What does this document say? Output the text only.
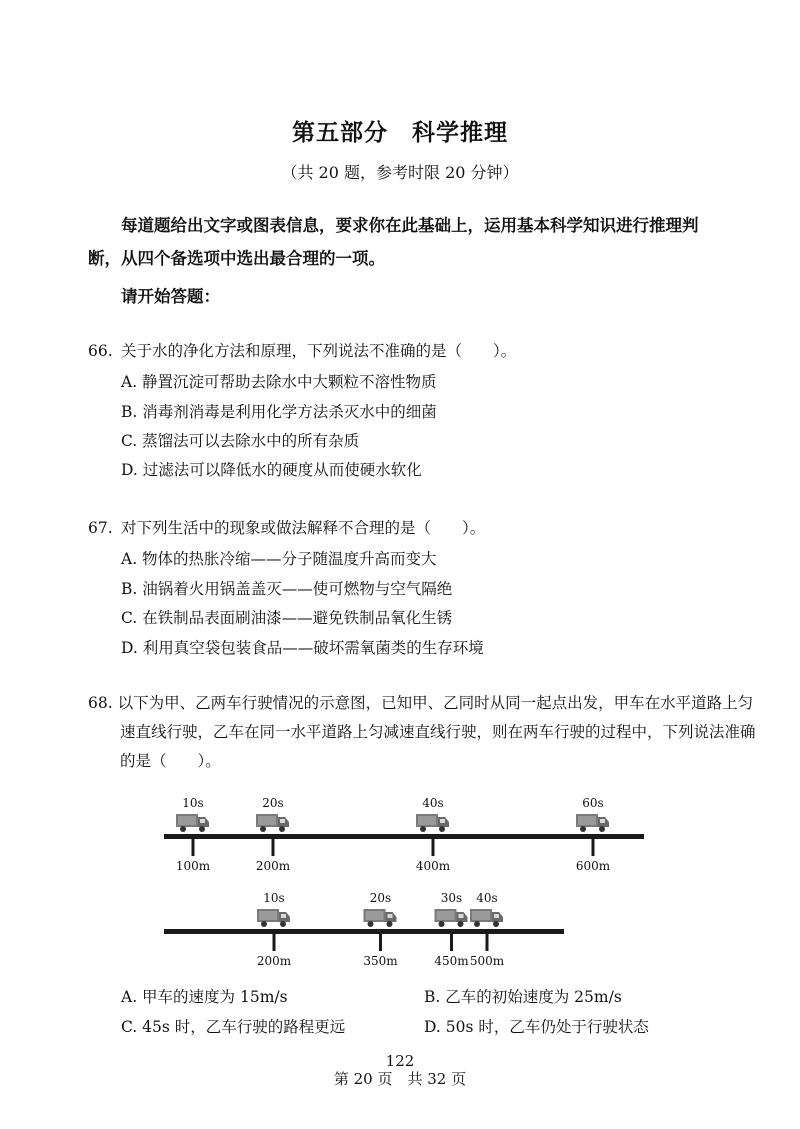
第五部分　科学推理
（共 20 题，参考时限 20 分钟）
每道题给出文字或图表信息，要求你在此基础上，运用基本科学知识进行推理判断，从四个备选项中选出最合理的一项。
请开始答题：
66. 关于水的净化方法和原理，下列说法不准确的是（　　）。
A. 静置沉淀可帮助去除水中大颗粒不溶性物质
B. 消毒剂消毒是利用化学方法杀灭水中的细菌
C. 蒸馏法可以去除水中的所有杂质
D. 过滤法可以降低水的硬度从而使硬水软化
67. 对下列生活中的现象或做法解释不合理的是（　　）。
A. 物体的热胀冷缩——分子随温度升高而变大
B. 油锅着火用锅盖盖灭——使可燃物与空气隔绝
C. 在铁制品表面刷油漆——避免铁制品氧化生锈
D. 利用真空袋包装食品——破坏需氧菌类的生存环境
68. 以下为甲、乙两车行驶情况的示意图，已知甲、乙同时从同一起点出发，甲车在水平道路上匀速直线行驶，乙车在同一水平道路上匀减速直线行驶，则在两车行驶的过程中，下列说法准确的是（　　）。
10s
100m
20s
200m
40s
400m
60s
600m
10s
200m
20s
350m
30s
450m
40s
500m
A. 甲车的速度为 15m/s	B. 乙车的初始速度为 25m/s
C. 45s 时，乙车行驶的路程更远	D. 50s 时，乙车仍处于行驶状态
122
第 20 页　共 32 页
